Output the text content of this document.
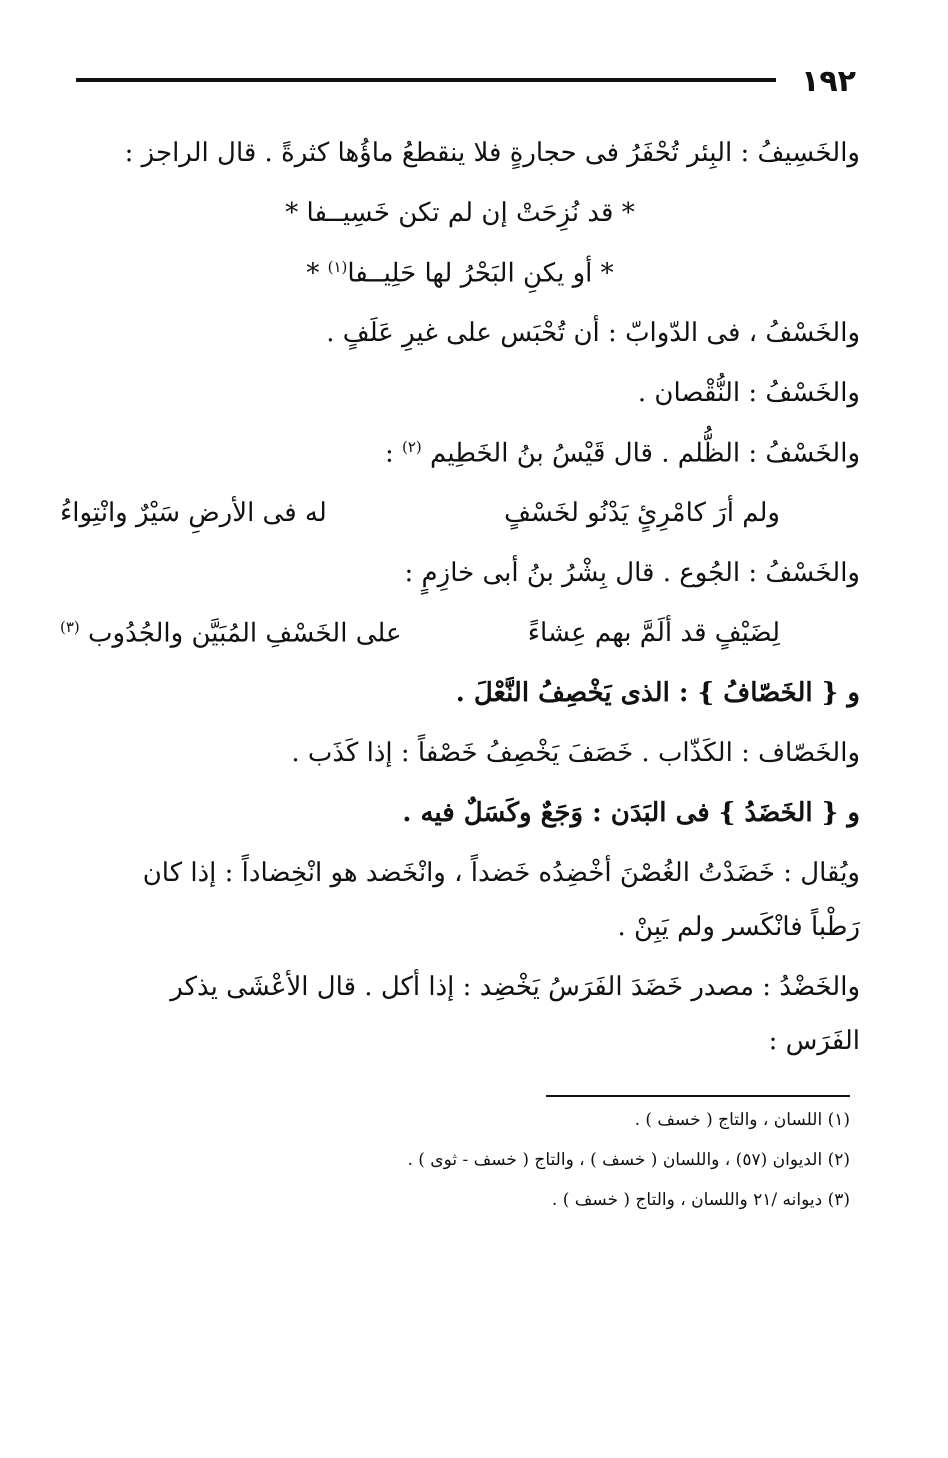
١٩٢
والخَسِيفُ : البِئر تُحْفَرُ فى حجارةٍ فلا ينقطعُ ماؤُها كثرةً . قال الراجز :
* قد نُزِحَتْ إن لم تكن خَسِيــفا *
* أو يكنِ البَحْرُ لها حَلِيــفا$^{(١)}$ *
والخَسْفُ ، فى الدّوابّ : أن تُحْبَس على غيرِ عَلَفٍ .
والخَسْفُ : النُّقْصان .
والخَسْفُ : الظُّلم . قال قَيْسُ بنُ الخَطِيم $^{(٢)}$ :
ولم أرَ كامْرِئٍ يَدْنُو لخَسْفٍ
له فى الأرضِ سَيْرٌ وانْتِواءُ
والخَسْفُ : الجُوع . قال بِشْرُ بنُ أبى خازِمٍ :
لِضَيْفٍ قد ألَمَّ بهم عِشاءً
على الخَسْفِ المُبَيَّن والجُدُوب $^{(٣)}$
و { الخَصّافُ } : الذى يَخْصِفُ النَّعْلَ .
والخَصّاف : الكَذّاب . خَصَفَ يَخْصِفُ خَصْفاً : إذا كَذَب .
و { الخَضَدُ } فى البَدَن : وَجَعٌ وكَسَلٌ فيه .
ويُقال : خَضَدْتُ الغُصْنَ أخْضِدُه خَضداً ، وانْخَضد هو انْخِضاداً : إذا كان
رَطْباً فانْكَسر ولم يَبِنْ .
والخَضْدُ : مصدر خَضَدَ الفَرَسُ يَخْضِد : إذا أكل . قال الأعْشَى يذكر
الفَرَس :
(١) اللسان ، والتاج ( خسف ) .
(٢) الديوان (٥٧) ، واللسان ( خسف ) ، والتاج ( خسف - ثوى ) .
(٣) ديوانه /٢١ واللسان ، والتاج ( خسف ) .
